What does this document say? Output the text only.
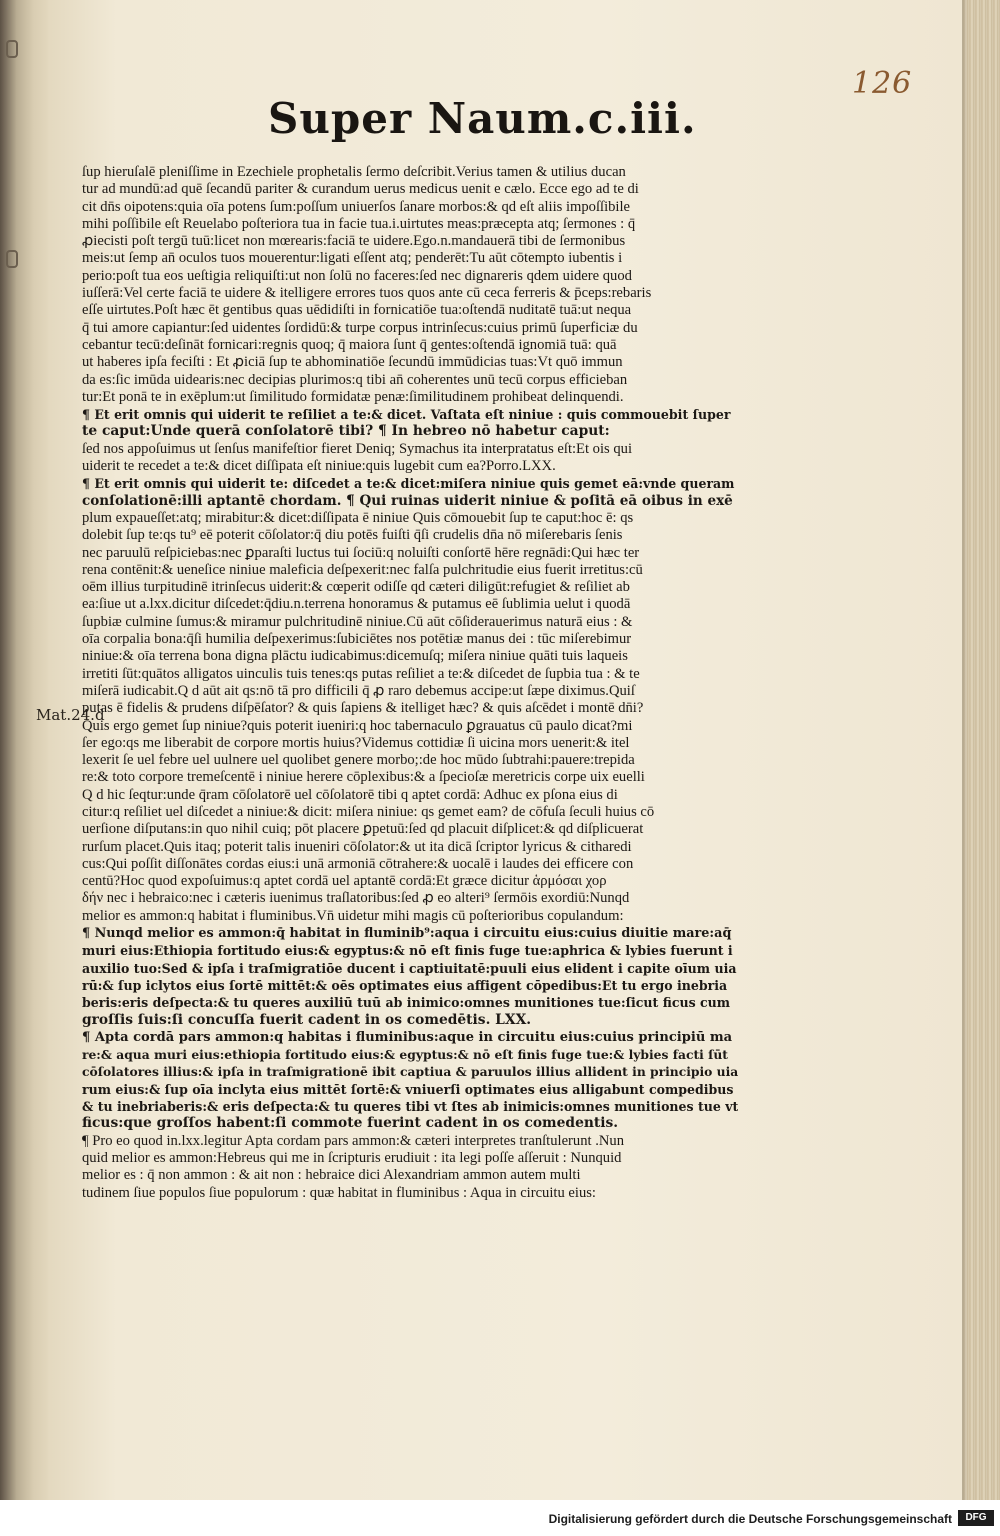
126
Super Naum.c.iii.
Mat.24.d
ſup hieruſalē pleniſſime in Ezechiele prophetalis ſermo deſcribit.Verius tamen & utilius ducan
tur ad mundū:ad quē ſecandū pariter & curandum uerus medicus uenit e cælo. Ecce ego ad te di
cit dn̄s oipotens:quia oīa potens ſum:poſſum uniuerſos ſanare morbos:& qd eſt aliis impoſſibile
mihi poſſibile eſt Reuelabo poſteriora tua in facie tua.i.uirtutes meas:præcepta atq; ſermones : q̄
ꝓiecisti poſt tergū tuū:licet non mœrearis:faciā te uidere.Ego.n.mandauerā tibi de ſermonibus
meis:ut ſemp an̄ oculos tuos mouerentur:ligati eſſent atq; penderēt:Tu aūt cōtempto iubentis i
perio:poſt tua eos ueſtigia reliquiſti:ut non ſolū no faceres:ſed nec dignareris qdem uidere quod
iuſſerā:Vel certe faciā te uidere & itelligere errores tuos quos ante cū ceca ferreris & p̄ceps:rebaris
eſſe uirtutes.Poſt hæc ēt gentibus quas uēdidiſti in fornicatiōe tua:oſtendā nuditatē tuā:ut nequa
q̄ tui amore capiantur:ſed uidentes ſordidū:& turpe corpus intrinſecus:cuius primū ſuperficiæ du
cebantur tecū:deſināt fornicari:regnis quoq; q̄ maiora ſunt q̄ gentes:oſtendā ignomiā tuā: quā
ut haberes ipſa feciſti : Et ꝓiciā ſup te abhominatiōe ſecundū immūdicias tuas:Vt quō immun
da es:ſic imūda uidearis:nec decipias plurimos:q tibi an̄ coherentes unū tecū corpus efficieban
tur:Et ponā te in exēplum:ut ſimilitudo formidatæ penæ:ſimilitudinem prohibeat delinquendi.
¶ Et erit omnis qui uiderit te reſiliet a te:& dicet. Vaſtata eſt niniue : quis commouebit ſuper
te caput:Unde querā conſolatorē tibi? ¶ In hebreo nō habetur caput:
ſed nos appoſuimus ut ſenſus manifeſtior fieret Deniq; Symachus ita interpratatus eſt:Et ois qui
uiderit te recedet a te:& dicet diſſipata eſt niniue:quis lugebit cum ea?Porro.LXX.
¶ Et erit omnis qui uiderit te: diſcedet a te:& dicet:miſera niniue quis gemet eā:vnde queram
conſolationē:illi aptantē chordam. ¶ Qui ruinas uiderit niniue & poſitā eā oibus in exē
plum expaueſſet:atq; mirabitur:& dicet:diſſipata ē niniue Quis cōmouebit ſup te caput:hoc ē: qs
dolebit ſup te:qs tu⁹ eē poterit cōſolator:q̄ diu potēs fuiſti q̄ſi crudelis dn̄a nō miſerebaris ſenis
nec paruulū reſpiciebas:nec ꝑparaſti luctus tui ſociū:q noluiſti conſortē hēre regnādi:Qui hæc ter
rena contēnit:& ueneſice niniue maleficia deſpexerit:nec falſa pulchritudie eius fuerit irretitus:cū
oēm illius turpitudinē itrinſecus uiderit:& cœperit odiſſe qd cæteri diligūt:refugiet & reſiliet ab
ea:ſiue ut a.lxx.dicitur diſcedet:q̄diu.n.terrena honoramus & putamus eē ſublimia uelut i quodā
ſupbiæ culmine ſumus:& miramur pulchritudinē niniue.Cū aūt cōſiderauerimus naturā eius : &
oīa corpalia bona:q̄ſi humilia deſpexerimus:ſubiciētes nos potētiæ manus dei : tūc miſerebimur
niniue:& oīa terrena bona digna plāctu iudicabimus:dicemuſq; miſera niniue quāti tuis laqueis
irretiti ſūt:quātos alligatos uinculis tuis tenes:qs putas reſiliet a te:& diſcedet de ſupbia tua : & te
miſerā iudicabit.Q d aūt ait qs:nō tā pro difficili q̄ ꝓ raro debemus accipe:ut ſæpe diximus.Quiſ
putas ē fidelis & prudens diſpēſator? & quis ſapiens & itelliget hæc? & quis aſcēdet i montē dn̄i?
Quis ergo gemet ſup niniue?quis poterit iueniri:q hoc tabernaculo ꝑgrauatus cū paulo dicat?mi
ſer ego:qs me liberabit de corpore mortis huius?Videmus cottidiæ ſi uicina mors uenerit:& itel
lexerit ſe uel febre uel uulnere uel quolibet genere morbo;:de hoc mūdo ſubtrahi:pauere:trepida
re:& toto corpore tremeſcentē i niniue herere cōplexibus:& a ſpecioſæ meretricis corpe uix euelli
Q d hic ſeqtur:unde q̄ram cōſolatorē uel cōſolatorē tibi q aptet cordā: Adhuc ex pſona eius di
citur:q reſiliet uel diſcedet a niniue:& dicit: miſera niniue: qs gemet eam? de cōfuſa ſeculi huius cō
uerſione diſputans:in quo nihil cuiq; pōt placere ꝑpetuū:ſed qd placuit diſplicet:& qd diſplicuerat
rurſum placet.Quis itaq; poterit talis inueniri cōſolator:& ut ita dicā ſcriptor lyricus & citharedi
cus:Qui poſſit diſſonātes cordas eius:i unā armoniā cōtrahere:& uocalē i laudes dei efficere con
centū?Hoc quod expoſuimus:q aptet cordā uel aptantē cordā:Et græce dicitur ἁρμόσαι χορ
δήν nec i hebraico:nec i cæteris iuenimus traſlatoribus:ſed ꝓ eo alteri⁹ ſermōis exordiū:Nunqd
melior es ammon:q habitat i fluminibus.Vn̄ uidetur mihi magis cū poſterioribus copulandum:
¶ Nunqd melior es ammon:q̄ habitat in fluminib⁹:aqua i circuitu eius:cuius diuitie mare:aq̄
muri eius:Ethiopia fortitudo eius:& egyptus:& nō eſt finis fuge tue:aphrica & lybies fuerunt i
auxilio tuo:Sed & ipſa i traſmigratiōe ducent i captiuitatē:puuli eius elident i capite oīum uia
rū:& ſup iclytos eius ſortē mittēt:& oēs optimates eius affigent cōpedibus:Et tu ergo inebria
beris:eris deſpecta:& tu queres auxiliū tuū ab inimico:omnes munitiones tue:ſicut ficus cum
groſſis ſuis:ſi concuſſa fuerit cadent in os comedētis. LXX.
¶ Apta cordā pars ammon:q habitas i fluminibus:aque in circuitu eius:cuius principiū ma
re:& aqua muri eius:ethiopia fortitudo eius:& egyptus:& nō eſt finis fuge tue:& lybies facti ſūt
cōſolatores illius:& ipſa in traſmigrationē ibit captiua & paruulos illius allident in principio uia
rum eius:& ſup oīa inclyta eius mittēt ſortē:& vniuerſi optimates eius alligabunt compedibus
& tu inebriaberis:& eris deſpecta:& tu queres tibi vt ſtes ab inimicis:omnes munitiones tue vt
ficus:que groſſos habent:ſi commote fuerint cadent in os comedentis.
¶ Pro eo quod in.lxx.legitur Apta cordam pars ammon:& cæteri interpretes tranſtulerunt .Nun
quid melior es ammon:Hebreus qui me in ſcripturis erudiuit : ita legi poſſe aſſeruit : Nunquid
melior es : q̄ non ammon : & ait non : hebraice dici Alexandriam ammon autem multi
tudinem ſiue populos ſiue populorum : quæ habitat in fluminibus : Aqua in circuitu eius:
Digitalisierung gefördert durch die Deutsche Forschungsgemeinschaft	DFG
